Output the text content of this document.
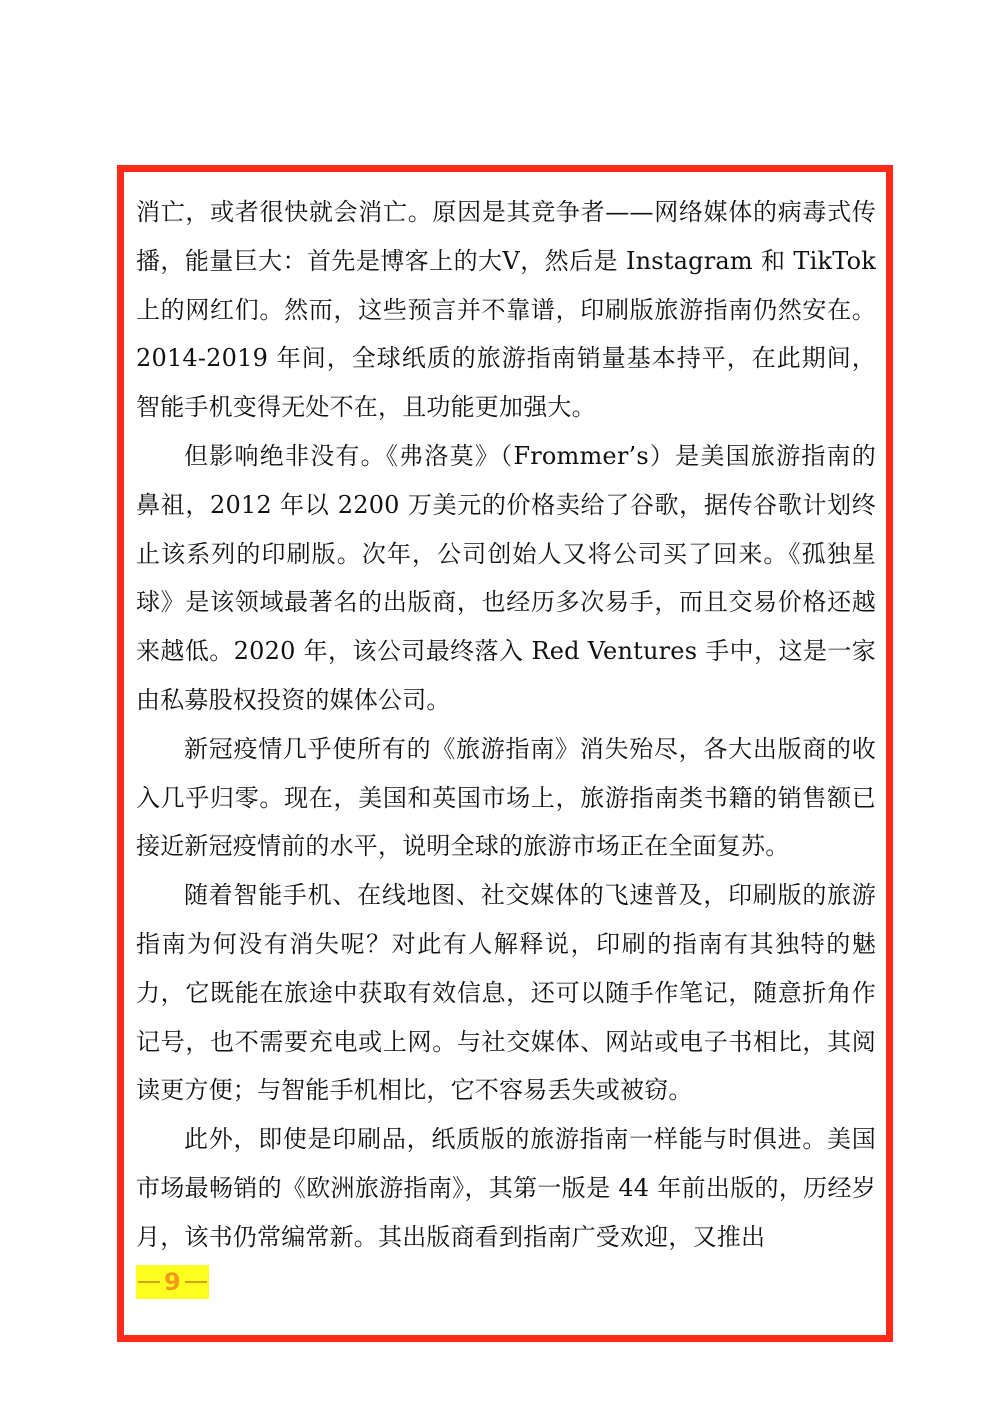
消亡，或者很快就会消亡。原因是其竞争者——网络媒体的病毒式传播，能量巨大：首先是博客上的大V，然后是 Instagram 和 TikTok 上的网红们。然而，这些预言并不靠谱，印刷版旅游指南仍然安在。2014-2019 年间，全球纸质的旅游指南销量基本持平，在此期间，智能手机变得无处不在，且功能更加强大。

但影响绝非没有。《弗洛莫》（Frommer’s）是美国旅游指南的鼻祖，2012 年以 2200 万美元的价格卖给了谷歌，据传谷歌计划终止该系列的印刷版。次年，公司创始人又将公司买了回来。《孤独星球》是该领域最著名的出版商，也经历多次易手，而且交易价格还越来越低。2020 年，该公司最终落入 Red Ventures 手中，这是一家由私募股权投资的媒体公司。

新冠疫情几乎使所有的《旅游指南》消失殆尽，各大出版商的收入几乎归零。现在，美国和英国市场上，旅游指南类书籍的销售额已接近新冠疫情前的水平，说明全球的旅游市场正在全面复苏。

随着智能手机、在线地图、社交媒体的飞速普及，印刷版的旅游指南为何没有消失呢？对此有人解释说，印刷的指南有其独特的魅力，它既能在旅途中获取有效信息，还可以随手作笔记，随意折角作记号，也不需要充电或上网。与社交媒体、网站或电子书相比，其阅读更方便；与智能手机相比，它不容易丢失或被窃。

此外，即使是印刷品，纸质版的旅游指南一样能与时俱进。美国市场最畅销的《欧洲旅游指南》，其第一版是 44 年前出版的，历经岁月，该书仍常编常新。其出版商看到指南广受欢迎，又推出

9
